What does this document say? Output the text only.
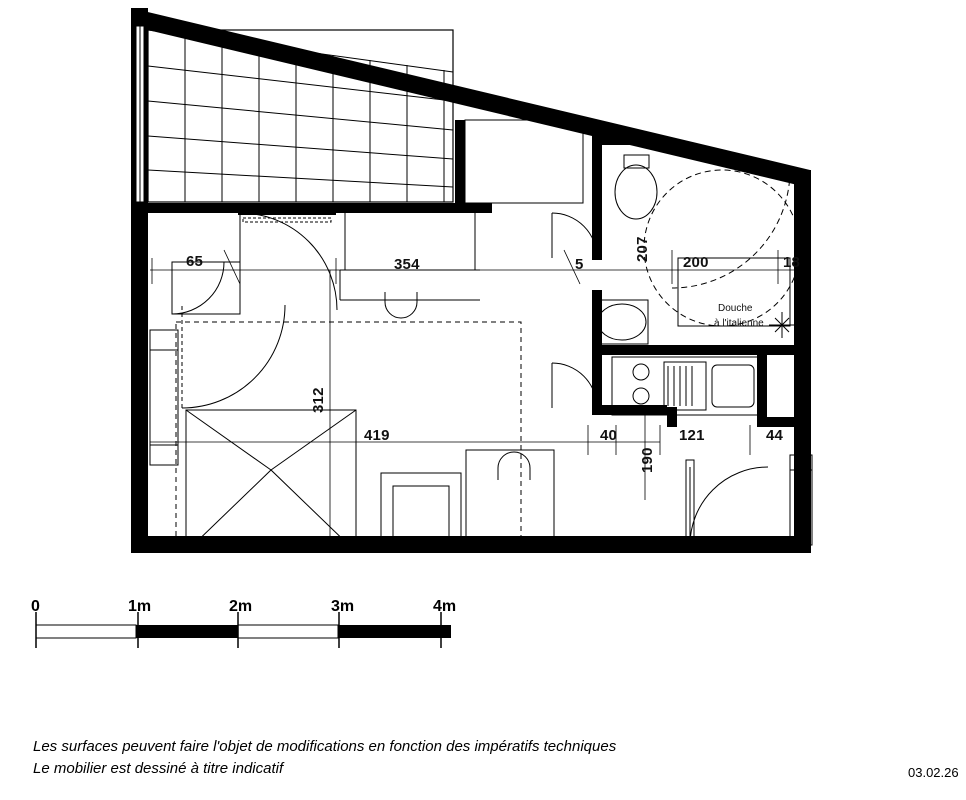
65	354	5	200	18
207
312
419	40
190
121	44
Douche
à l'italienne
0	1m	2m	3m	4m
Les surfaces peuvent faire l'objet de modifications en fonction des impératifs techniques
Le mobilier est dessiné à titre indicatif	03.02.26
